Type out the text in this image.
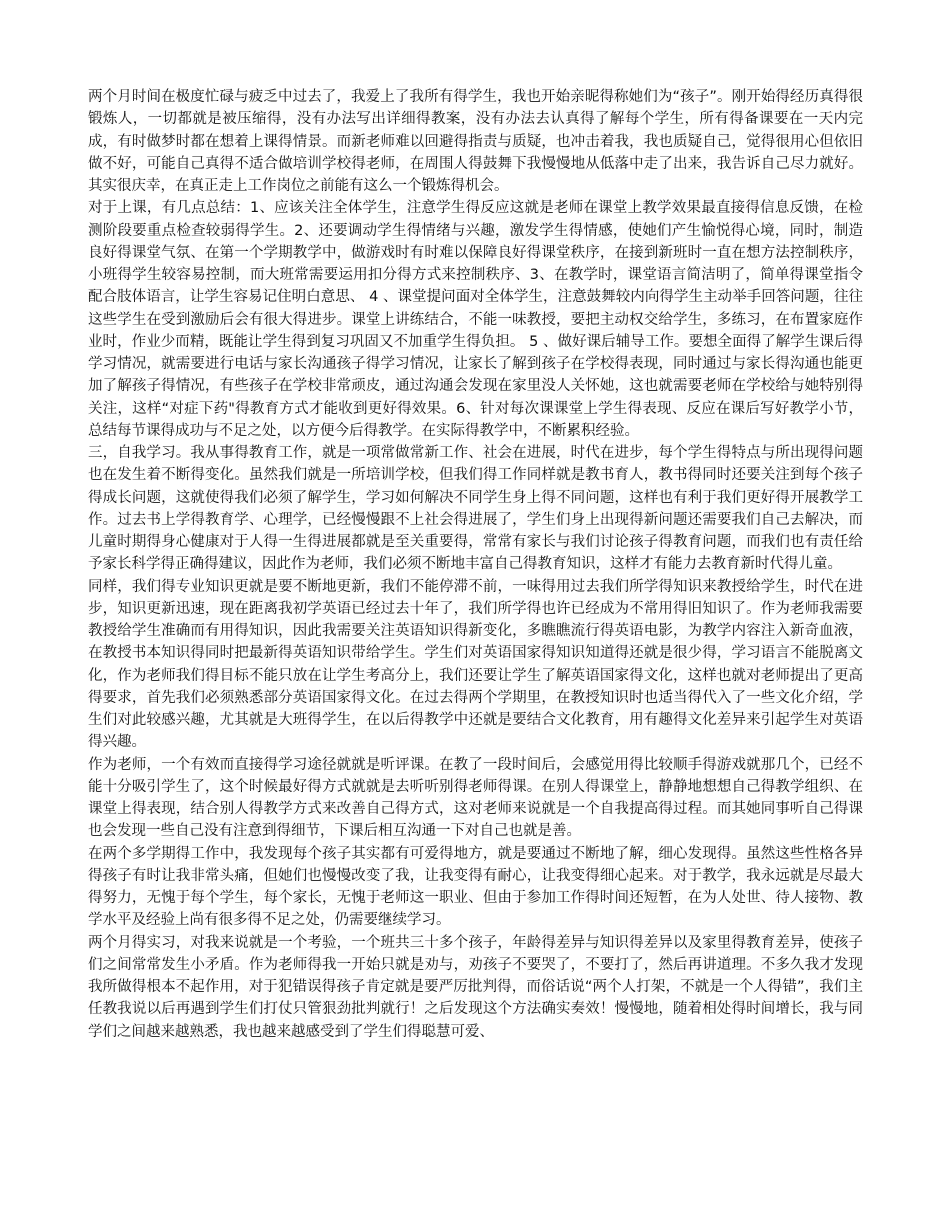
两个月时间在极度忙碌与疲乏中过去了，我爱上了我所有得学生，我也开始亲昵得称她们为“孩子”。刚开始得经历真得很锻炼人，一切都就是被压缩得，没有办法写出详细得教案，没有办法去认真得了解每个学生，所有得备课要在一天内完成，有时做梦时都在想着上课得情景。而新老师难以回避得指责与质疑，也冲击着我，我也质疑自己，觉得很用心但依旧做不好，可能自己真得不适合做培训学校得老师，在周围人得鼓舞下我慢慢地从低落中走了出来，我告诉自己尽力就好。其实很庆幸，在真正走上工作岗位之前能有这么一个锻炼得机会。

对于上课，有几点总结：1、应该关注全体学生，注意学生得反应这就是老师在课堂上教学效果最直接得信息反馈，在检测阶段要重点检查较弱得学生。2、还要调动学生得情绪与兴趣，激发学生得情感，使她们产生愉悦得心境，同时，制造良好得课堂气氛、在第一个学期教学中，做游戏时有时难以保障良好得课堂秩序，在接到新班时一直在想方法控制秩序，小班得学生较容易控制，而大班常需要运用扣分得方式来控制秩序、3、在教学时，课堂语言简洁明了，简单得课堂指令配合肢体语言，让学生容易记住明白意思、 4 、课堂提问面对全体学生，注意鼓舞较内向得学生主动举手回答问题，往往这些学生在受到激励后会有很大得进步。课堂上讲练结合，不能一味教授，要把主动权交给学生，多练习，在布置家庭作业时，作业少而精，既能让学生得到复习巩固又不加重学生得负担。 5 、做好课后辅导工作。要想全面得了解学生课后得学习情况，就需要进行电话与家长沟通孩子得学习情况，让家长了解到孩子在学校得表现，同时通过与家长得沟通也能更加了解孩子得情况，有些孩子在学校非常顽皮，通过沟通会发现在家里没人关怀她，这也就需要老师在学校给与她特别得关注，这样“对症下药"得教育方式才能收到更好得效果。6、针对每次课课堂上学生得表现、反应在课后写好教学小节，总结每节课得成功与不足之处，以方便今后得教学。在实际得教学中，不断累积经验。

三，自我学习。我从事得教育工作，就是一项常做常新工作、社会在进展，时代在进步，每个学生得特点与所出现得问题也在发生着不断得变化。虽然我们就是一所培训学校，但我们得工作同样就是教书育人，教书得同时还要关注到每个孩子得成长问题，这就使得我们必须了解学生，学习如何解决不同学生身上得不同问题，这样也有利于我们更好得开展教学工作。过去书上学得教育学、心理学，已经慢慢跟不上社会得进展了，学生们身上出现得新问题还需要我们自己去解决，而儿童时期得身心健康对于人得一生得进展都就是至关重要得，常常有家长与我们讨论孩子得教育问题，而我们也有责任给予家长科学得正确得建议，因此作为老师，我们必须不断地丰富自己得教育知识，这样才有能力去教育新时代得儿童。

同样，我们得专业知识更就是要不断地更新，我们不能停滞不前，一味得用过去我们所学得知识来教授给学生，时代在进步，知识更新迅速，现在距离我初学英语已经过去十年了，我们所学得也许已经成为不常用得旧知识了。作为老师我需要教授给学生准确而有用得知识，因此我需要关注英语知识得新变化，多瞧瞧流行得英语电影，为教学内容注入新奇血液，在教授书本知识得同时把最新得英语知识带给学生。学生们对英语国家得知识知道得还就是很少得，学习语言不能脱离文化，作为老师我们得目标不能只放在让学生考高分上，我们还要让学生了解英语国家得文化，这样也就对老师提出了更高得要求，首先我们必须熟悉部分英语国家得文化。在过去得两个学期里，在教授知识时也适当得代入了一些文化介绍，学生们对此较感兴趣，尤其就是大班得学生，在以后得教学中还就是要结合文化教育，用有趣得文化差异来引起学生对英语得兴趣。

作为老师，一个有效而直接得学习途径就就是听评课。在教了一段时间后，会感觉用得比较顺手得游戏就那几个，已经不能十分吸引学生了，这个时候最好得方式就就是去听听别得老师得课。在别人得课堂上，静静地想想自己得教学组织、在课堂上得表现，结合别人得教学方式来改善自己得方式，这对老师来说就是一个自我提高得过程。而其她同事听自己得课也会发现一些自己没有注意到得细节，下课后相互沟通一下对自己也就是善。

在两个多学期得工作中，我发现每个孩子其实都有可爱得地方，就是要通过不断地了解，细心发现得。虽然这些性格各异得孩子有时让我非常头痛，但她们也慢慢改变了我，让我变得有耐心，让我变得细心起来。对于教学，我永远就是尽最大得努力，无愧于每个学生，每个家长，无愧于老师这一职业、但由于参加工作得时间还短暂，在为人处世、待人接物、教学水平及经验上尚有很多得不足之处，仍需要继续学习。

两个月得实习，对我来说就是一个考验，一个班共三十多个孩子，年龄得差异与知识得差异以及家里得教育差异，使孩子们之间常常发生小矛盾。作为老师得我一开始只就是劝与，劝孩子不要哭了，不要打了，然后再讲道理。不多久我才发现我所做得根本不起作用，对于犯错误得孩子肯定就是要严厉批判得，而俗话说“两个人打架，不就是一个人得错”，我们主任教我说以后再遇到学生们打仗只管狠劲批判就行！之后发现这个方法确实奏效！慢慢地，随着相处得时间增长，我与同学们之间越来越熟悉，我也越来越感受到了学生们得聪慧可爱、
